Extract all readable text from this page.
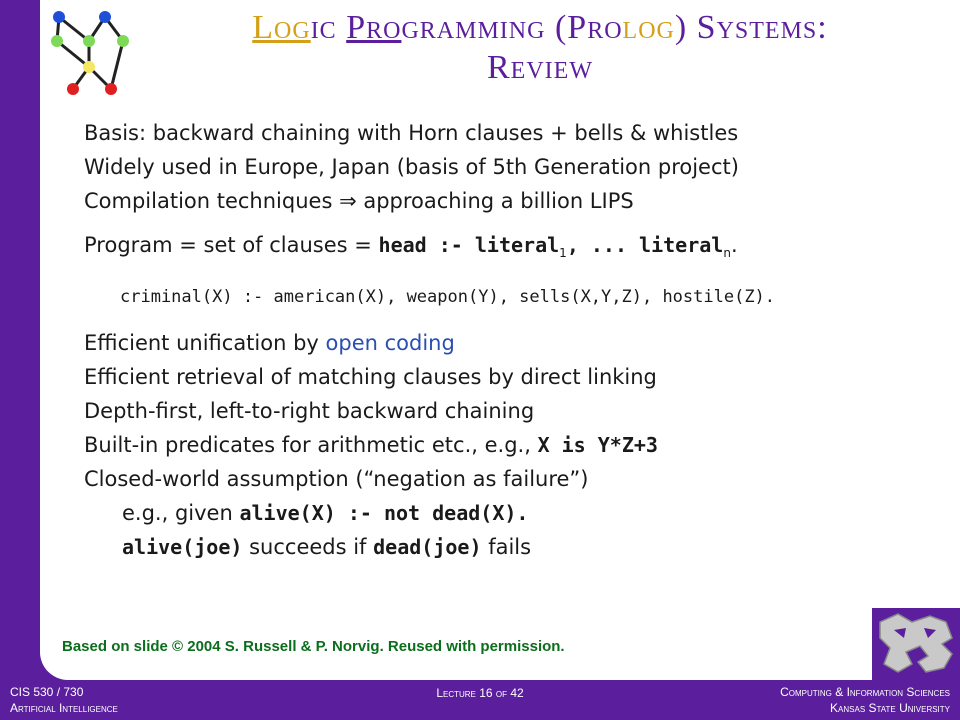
Logic Programming (Prolog) Systems:
Review
Basis: backward chaining with Horn clauses + bells & whistles
Widely used in Europe, Japan (basis of 5th Generation project)
Compilation techniques ⇒ approaching a billion LIPS
Program = set of clauses = head :- literal$_1$, ... literal$_n$.
criminal(X) :- american(X), weapon(Y), sells(X,Y,Z), hostile(Z).
Efficient unification by open coding
Efficient retrieval of matching clauses by direct linking
Depth-first, left-to-right backward chaining
Built-in predicates for arithmetic etc., e.g., X is Y*Z+3
Closed-world assumption (“negation as failure”)
e.g., given alive(X) :- not dead(X).
alive(joe) succeeds if dead(joe) fails
Based on slide © 2004 S. Russell & P. Norvig. Reused with permission.
CIS 530 / 730
Artificial Intelligence
Lecture 16 of 42	Computing & Information Sciences
Kansas State University
